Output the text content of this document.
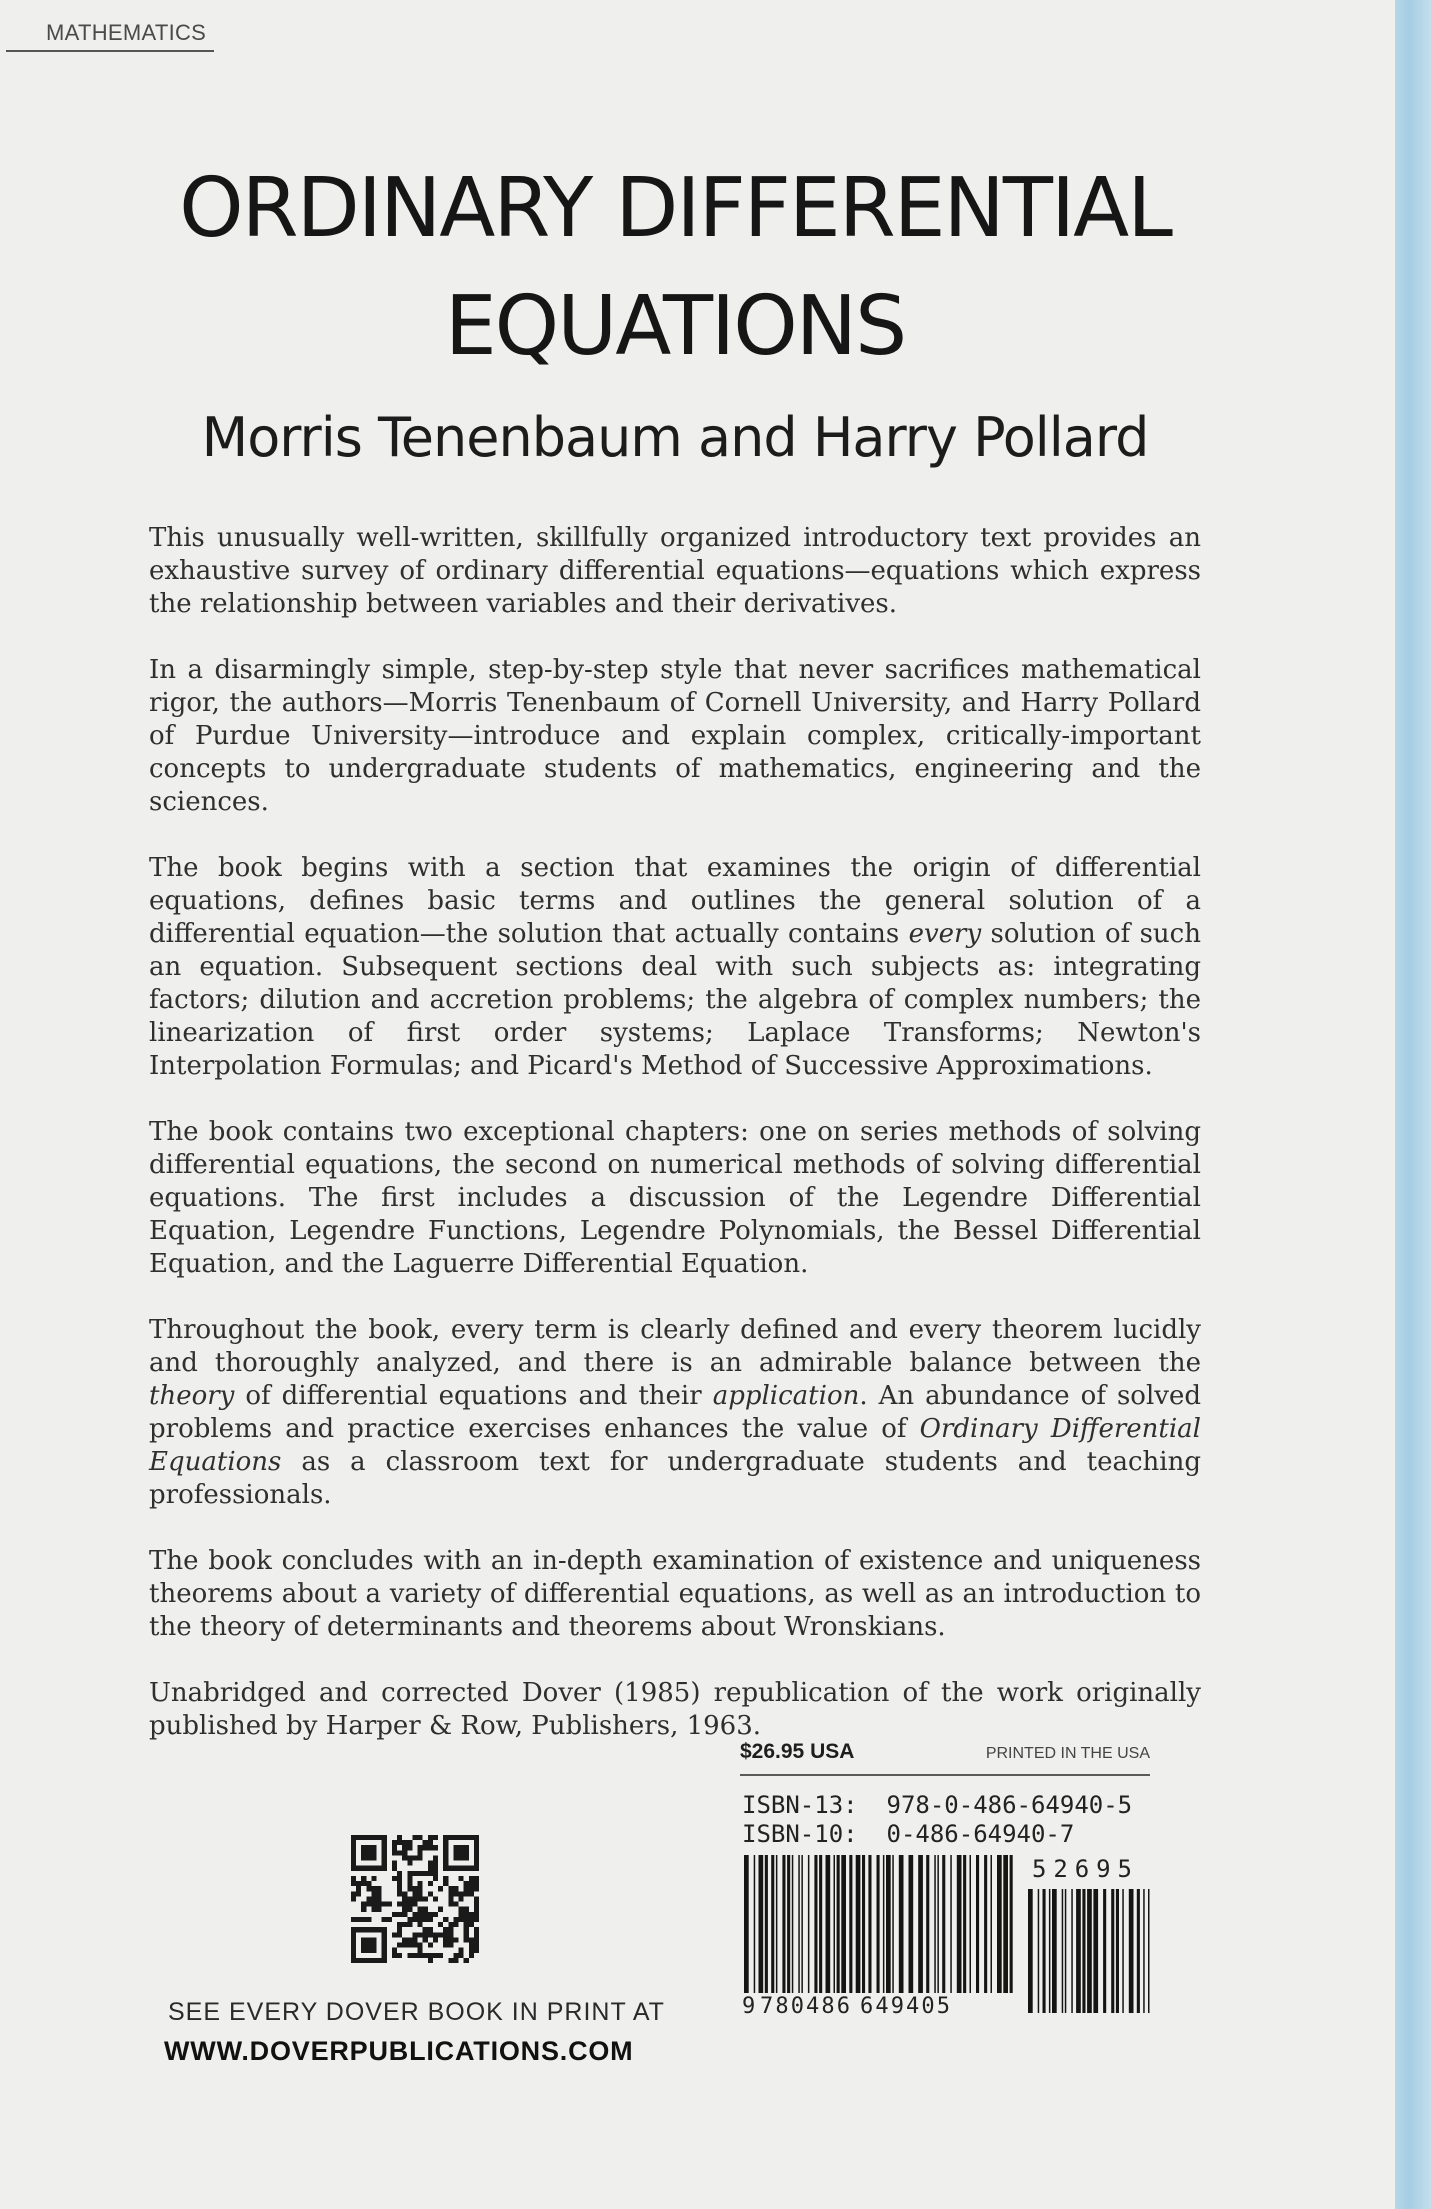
MATHEMATICS
ORDINARY DIFFERENTIAL
EQUATIONS
Morris Tenenbaum and Harry Pollard

This unusually well-written, skillfully organized introductory text provides an exhaustive survey of ordinary differential equations—equations which express the relationship between variables and their derivatives.

In a disarmingly simple, step-by-step style that never sacrifices mathematical rigor, the authors—Morris Tenenbaum of Cornell University, and Harry Pollard of Purdue University—introduce and explain complex, critically-important concepts to undergraduate students of mathematics, engineering and the sciences.

The book begins with a section that examines the origin of differential equations, defines basic terms and outlines the general solution of a differential equation—the solution that actually contains every solution of such an equation. Subsequent sections deal with such subjects as: integrating factors; dilution and accretion problems; the algebra of complex numbers; the linearization of first order systems; Laplace Transforms; Newton's Interpolation Formulas; and Picard's Method of Successive Approximations.

The book contains two exceptional chapters: one on series methods of solving differential equations, the second on numerical methods of solving differential equations. The first includes a discussion of the Legendre Differential Equation, Legendre Functions, Legendre Polynomials, the Bessel Differential Equation, and the Laguerre Differential Equation.

Throughout the book, every term is clearly defined and every theorem lucidly and thoroughly analyzed, and there is an admirable balance between the theory of differential equations and their application. An abundance of solved problems and practice exercises enhances the value of Ordinary Differential Equations as a classroom text for undergraduate students and teaching professionals.

The book concludes with an in-depth examination of existence and uniqueness theorems about a variety of differential equations, as well as an introduction to the theory of determinants and theorems about Wronskians.

Unabridged and corrected Dover (1985) republication of the work originally published by Harper & Row, Publishers, 1963.

$26.95 USA	PRINTED IN THE USA
ISBN-13:  978-0-486-64940-5
ISBN-10:  0-486-64940-7
9 780486 649405
52695
SEE EVERY DOVER BOOK IN PRINT AT
WWW.DOVERPUBLICATIONS.COM
